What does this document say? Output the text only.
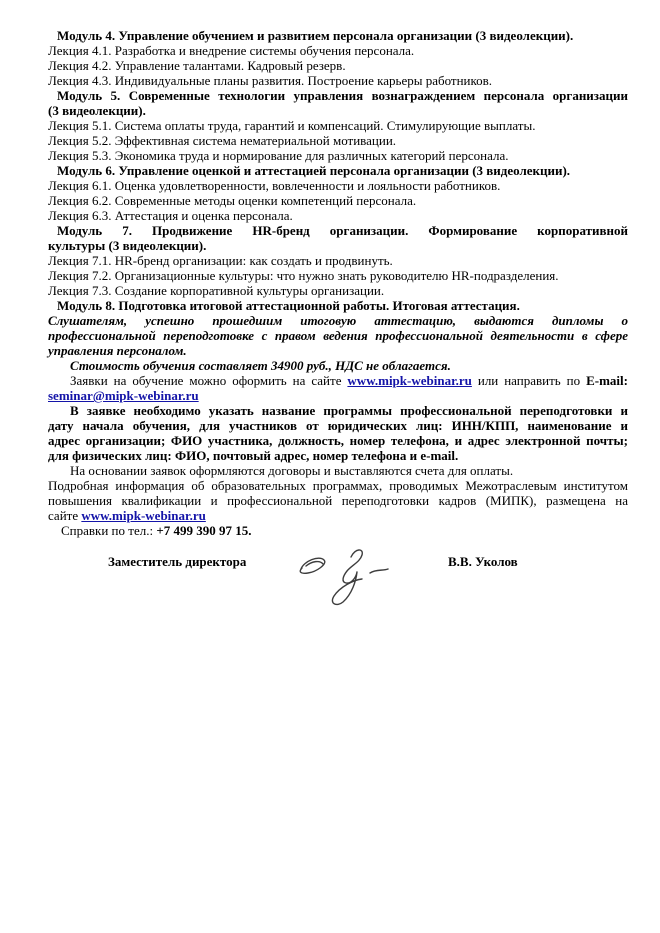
Модуль 4. Управление обучением и развитием персонала организации (3 видеолекции).

Лекция 4.1. Разработка и внедрение системы обучения персонала.

Лекция 4.2. Управление талантами. Кадровый резерв.

Лекция 4.3. Индивидуальные планы развития. Построение карьеры работников.

Модуль 5. Современные технологии управления вознаграждением персонала организации
(3 видеолекции).

Лекция 5.1. Система оплаты труда, гарантий и компенсаций. Стимулирующие выплаты.

Лекция 5.2. Эффективная система нематериальной мотивации.

Лекция 5.3. Экономика труда и нормирование для различных категорий персонала.

Модуль 6. Управление оценкой и аттестацией персонала организации (3 видеолекции).

Лекция 6.1. Оценка удовлетворенности, вовлеченности и лояльности работников.

Лекция 6.2. Современные методы оценки компетенций персонала.

Лекция 6.3. Аттестация и оценка персонала.

Модуль 7. Продвижение HR-бренд организации. Формирование корпоративной
культуры (3 видеолекции).

Лекция 7.1. HR-бренд организации: как создать и продвинуть.

Лекция 7.2. Организационные культуры: что нужно знать руководителю HR-подразделения.

Лекция 7.3. Создание корпоративной культуры организации.

Модуль 8. Подготовка итоговой аттестационной работы. Итоговая аттестация.

Слушателям, успешно прошедшим итоговую аттестацию, выдаются дипломы о
профессиональной переподготовке с правом ведения профессиональной деятельности в сфере
управления персоналом.

Стоимость обучения составляет 34900 руб., НДС не облагается.

Заявки на обучение можно оформить на сайте www.mipk-webinar.ru или направить по E-mail:
seminar@mipk-webinar.ru

В заявке необходимо указать название программы профессиональной переподготовки и
дату начала обучения, для участников от юридических лиц: ИНН/КПП, наименование и
адрес организации; ФИО участника, должность, номер телефона, и адрес электронной почты;
для физических лиц: ФИО, почтовый адрес, номер телефона и e-mail.

На основании заявок оформляются договоры и выставляются счета для оплаты.

Подробная информация об образовательных программах, проводимых Межотраслевым институтом
повышения квалификации и профессиональной переподготовки кадров (МИПК), размещена на
сайте www.mipk-webinar.ru

Справки по тел.: +7 499 390 97 15.

Заместитель директора	В.В. Уколов
